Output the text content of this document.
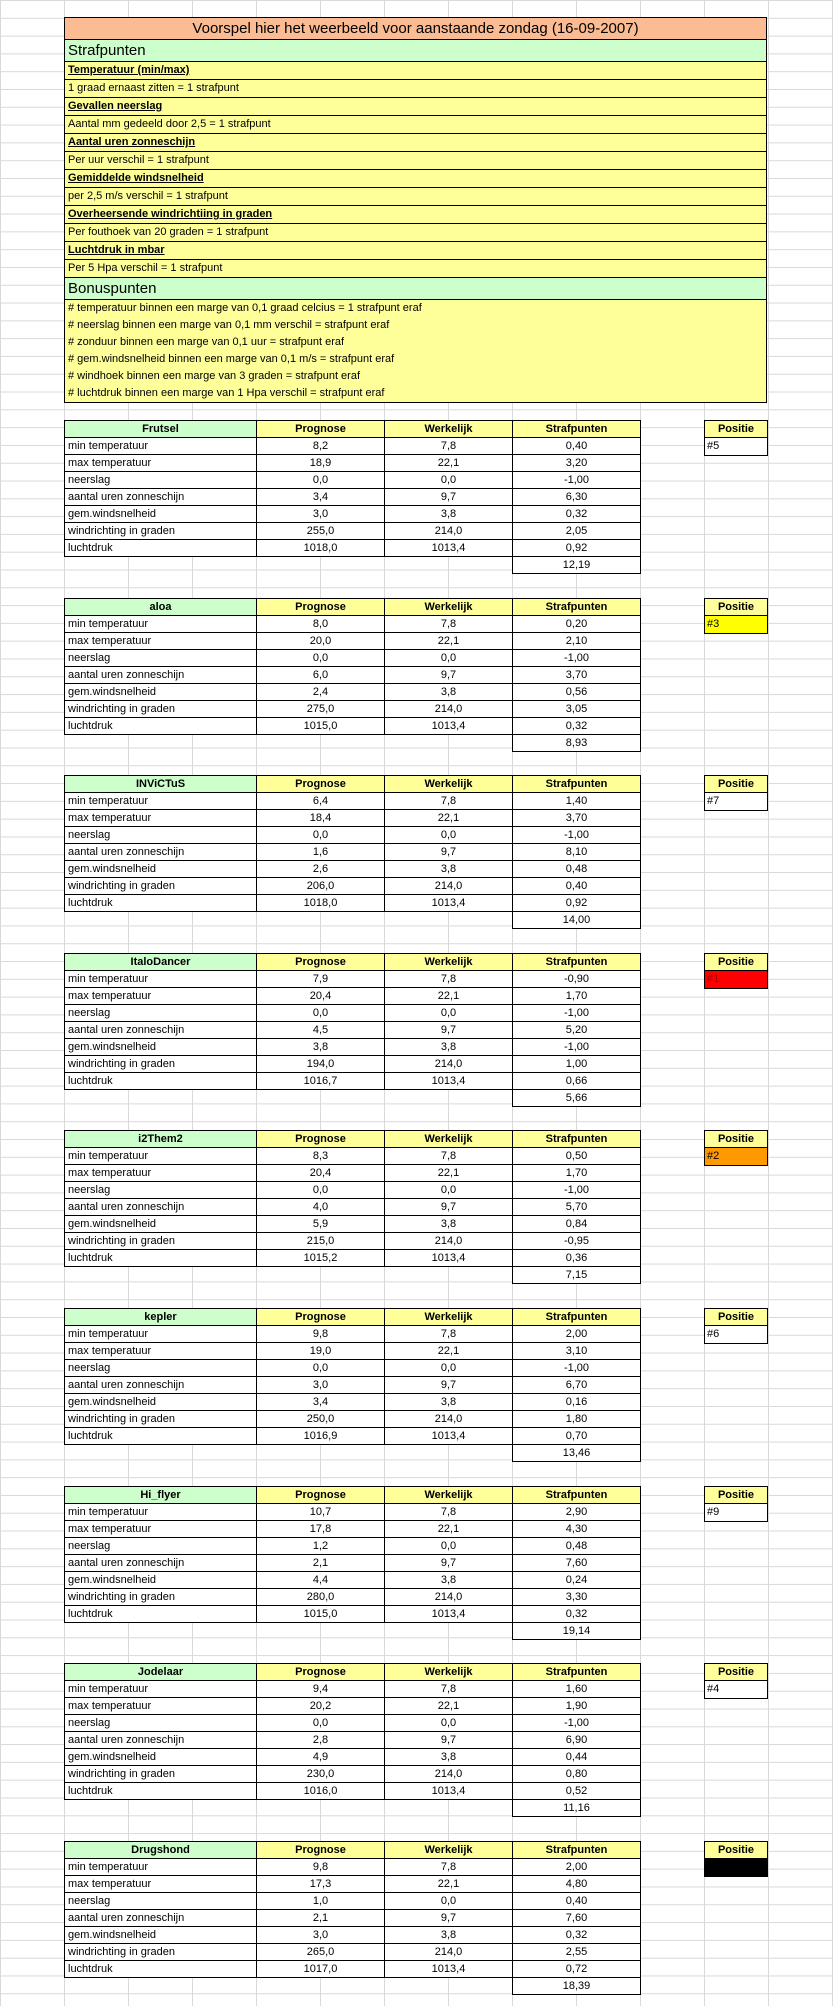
Voorspel hier het weerbeeld voor aanstaande zondag (16-09-2007)
Strafpunten
Temperatuur (min/max)
1 graad ernaast zitten = 1 strafpunt
Gevallen neerslag
Aantal mm gedeeld door 2,5 = 1 strafpunt
Aantal uren zonneschijn
Per uur verschil = 1 strafpunt
Gemiddelde windsnelheid
per 2,5 m/s verschil = 1 strafpunt
Overheersende windrichtiing in graden
Per fouthoek van 20 graden = 1 strafpunt
Luchtdruk in mbar
Per 5 Hpa verschil = 1 strafpunt
Bonuspunten
# temperatuur binnen een marge van 0,1 graad celcius = 1 strafpunt eraf
# neerslag binnen een marge van 0,1 mm verschil = strafpunt eraf
# zonduur binnen een marge van 0,1 uur = strafpunt eraf
# gem.windsnelheid binnen een marge van 0,1 m/s = strafpunt eraf
# windhoek binnen een marge van 3 graden = strafpunt eraf
# luchtdruk binnen een marge van 1 Hpa verschil = strafpunt eraf
Frutsel	Prognose	Werkelijk	Strafpunten
min temperatuur	8,2	7,8	0,40
max temperatuur	18,9	22,1	3,20
neerslag	0,0	0,0	-1,00
aantal uren zonneschijn	3,4	9,7	6,30
gem.windsnelheid	3,0	3,8	0,32
windrichting in graden	255,0	214,0	2,05
luchtdruk	1018,0	1013,4	0,92
			12,19
Positie
#5
aloa	Prognose	Werkelijk	Strafpunten
min temperatuur	8,0	7,8	0,20
max temperatuur	20,0	22,1	2,10
neerslag	0,0	0,0	-1,00
aantal uren zonneschijn	6,0	9,7	3,70
gem.windsnelheid	2,4	3,8	0,56
windrichting in graden	275,0	214,0	3,05
luchtdruk	1015,0	1013,4	0,32
			8,93
Positie
#3
INViCTuS	Prognose	Werkelijk	Strafpunten
min temperatuur	6,4	7,8	1,40
max temperatuur	18,4	22,1	3,70
neerslag	0,0	0,0	-1,00
aantal uren zonneschijn	1,6	9,7	8,10
gem.windsnelheid	2,6	3,8	0,48
windrichting in graden	206,0	214,0	0,40
luchtdruk	1018,0	1013,4	0,92
			14,00
Positie
#7
ItaloDancer	Prognose	Werkelijk	Strafpunten
min temperatuur	7,9	7,8	-0,90
max temperatuur	20,4	22,1	1,70
neerslag	0,0	0,0	-1,00
aantal uren zonneschijn	4,5	9,7	5,20
gem.windsnelheid	3,8	3,8	-1,00
windrichting in graden	194,0	214,0	1,00
luchtdruk	1016,7	1013,4	0,66
			5,66
Positie
#1
i2Them2	Prognose	Werkelijk	Strafpunten
min temperatuur	8,3	7,8	0,50
max temperatuur	20,4	22,1	1,70
neerslag	0,0	0,0	-1,00
aantal uren zonneschijn	4,0	9,7	5,70
gem.windsnelheid	5,9	3,8	0,84
windrichting in graden	215,0	214,0	-0,95
luchtdruk	1015,2	1013,4	0,36
			7,15
Positie
#2
kepler	Prognose	Werkelijk	Strafpunten
min temperatuur	9,8	7,8	2,00
max temperatuur	19,0	22,1	3,10
neerslag	0,0	0,0	-1,00
aantal uren zonneschijn	3,0	9,7	6,70
gem.windsnelheid	3,4	3,8	0,16
windrichting in graden	250,0	214,0	1,80
luchtdruk	1016,9	1013,4	0,70
			13,46
Positie
#6
Hi_flyer	Prognose	Werkelijk	Strafpunten
min temperatuur	10,7	7,8	2,90
max temperatuur	17,8	22,1	4,30
neerslag	1,2	0,0	0,48
aantal uren zonneschijn	2,1	9,7	7,60
gem.windsnelheid	4,4	3,8	0,24
windrichting in graden	280,0	214,0	3,30
luchtdruk	1015,0	1013,4	0,32
			19,14
Positie
#9
Jodelaar	Prognose	Werkelijk	Strafpunten
min temperatuur	9,4	7,8	1,60
max temperatuur	20,2	22,1	1,90
neerslag	0,0	0,0	-1,00
aantal uren zonneschijn	2,8	9,7	6,90
gem.windsnelheid	4,9	3,8	0,44
windrichting in graden	230,0	214,0	0,80
luchtdruk	1016,0	1013,4	0,52
			11,16
Positie
#4
Drugshond	Prognose	Werkelijk	Strafpunten
min temperatuur	9,8	7,8	2,00
max temperatuur	17,3	22,1	4,80
neerslag	1,0	0,0	0,40
aantal uren zonneschijn	2,1	9,7	7,60
gem.windsnelheid	3,0	3,8	0,32
windrichting in graden	265,0	214,0	2,55
luchtdruk	1017,0	1013,4	0,72
			18,39
Positie
